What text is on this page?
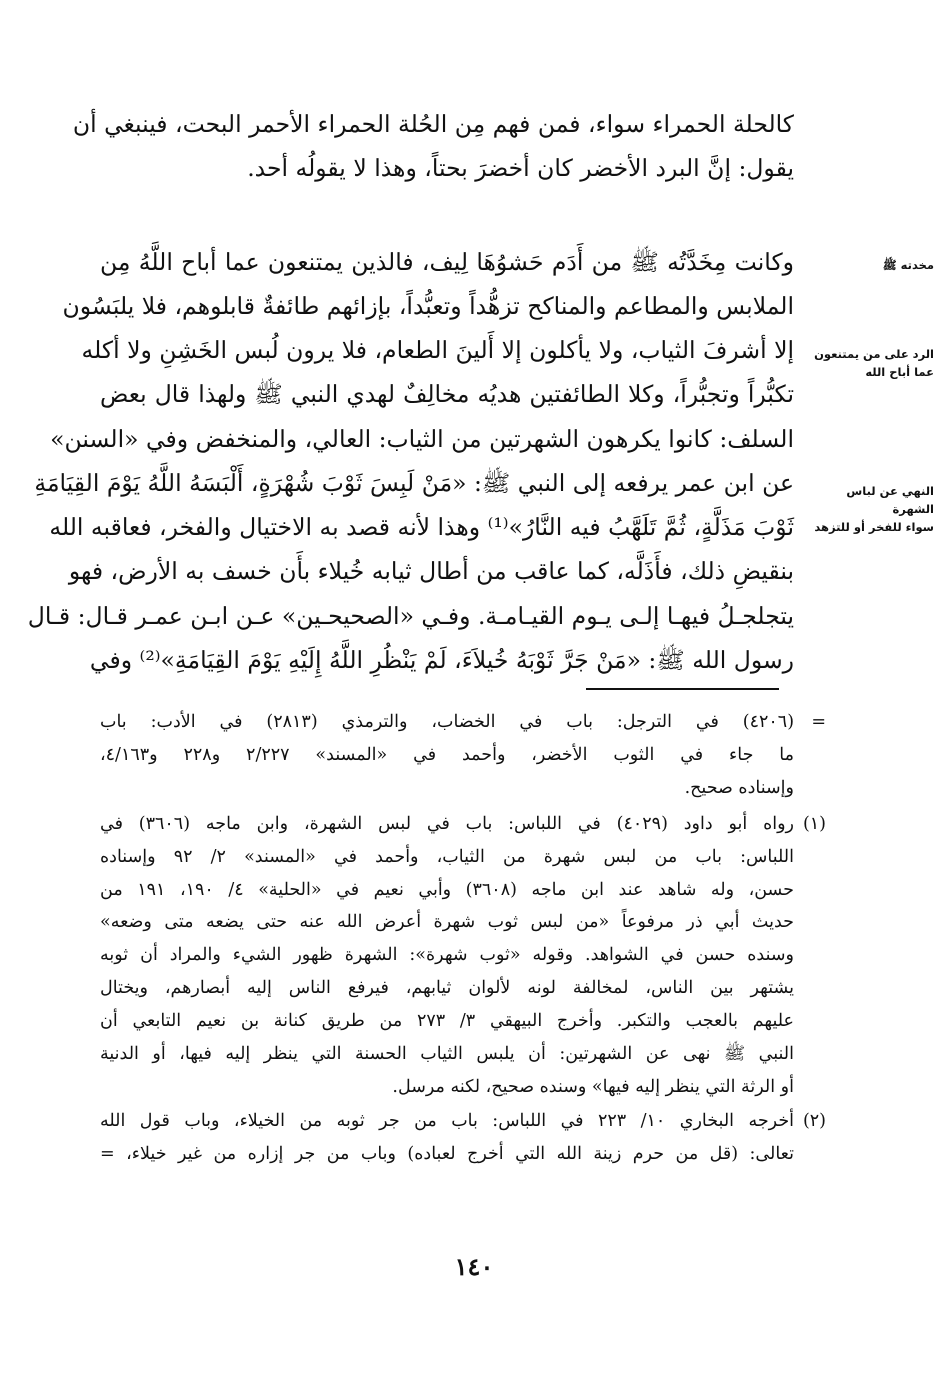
كالحلة الحمراء سواء، فمن فهم مِن الحُلة الحمراء الأحمر البحت، فينبغي أن
يقول: إنَّ البرد الأخضر كان أخضرَ بحتاً، وهذا لا يقولُه أحد.
وكانت مِخَدَّتُه ﷺ من أَدَم حَشوُهَا لِيف، فالذين يمتنعون عما أباح اللَّهُ مِن
الملابس والمطاعم والمناكح تزهُّداً وتعبُّداً، بإزائهم طائفةٌ قابلوهم، فلا يلبَسُون
إلا أشرفَ الثياب، ولا يأكلون إلا أَلينَ الطعام، فلا يرون لُبس الخَشِنِ ولا أكله
تكبُّراً وتجبُّراً، وكلا الطائفتين هديُه مخالِفٌ لهدي النبي ﷺ ولهذا قال بعض
السلف: كانوا يكرهون الشهرتين من الثياب: العالي، والمنخفض وفي «السنن»
عن ابن عمر يرفعه إلى النبي ﷺ: «مَنْ لَبِسَ ثَوْبَ شُهْرَةٍ، أَلْبَسَهُ اللَّهُ يَوْمَ القِيَامَةِ
ثَوْبَ مَذَلَّةٍ، ثُمَّ تَلَهَّبُ فيه النَّارُ»⁽¹⁾ وهذا لأنه قصد به الاختيال والفخر، فعاقبه الله
بنقيضِ ذلك، فأَذَلَّه، كما عاقب من أطال ثيابه خُيلاء بأَن خسف به الأرض، فهو
يتجلجـلُ فيهـا إلـى يـوم القيـامـة. وفـي «الصحيحـين» عـن ابـن عمـر قـال: قـال
رسول الله ﷺ: «مَنْ جَرَّ ثَوْبَهُ خُيلاَءَ، لَمْ يَنْظُرِ اللَّهُ إِلَيْهِ يَوْمَ القِيَامَةِ»⁽²⁾ وفي
مخدته ﷺ
الرد على من يمتنعون
عما أباح الله
النهي عن لباس الشهرة
سواء للفخر أو للتزهد
=
(٤٢٠٦) في الترجل: باب في الخضاب، والترمذي (٢٨١٣) في الأدب: باب
ما جاء في الثوب الأخضر، وأحمد في «المسند» ٢/٢٢٧ و٢٢٨ و٤/١٦٣،
وإسناده صحيح.
(١)
رواه أبو داود (٤٠٢٩) في اللباس: باب في لبس الشهرة، وابن ماجه (٣٦٠٦) في
اللباس: باب من لبس شهرة من الثياب، وأحمد في «المسند» ٢/ ٩٢ وإسناده
حسن، وله شاهد عند ابن ماجه (٣٦٠٨) وأبي نعيم في «الحلية» ٤/ ١٩٠، ١٩١ من
حديث أبي ذر مرفوعاً «من لبس ثوب شهرة أعرض الله عنه حتى يضعه متى وضعه»
وسنده حسن في الشواهد. وقوله «ثوب شهرة»: الشهرة ظهور الشيء والمراد أن ثوبه
يشتهر بين الناس، لمخالفة لونه لألوان ثيابهم، فيرفع الناس إليه أبصارهم، ويختال
عليهم بالعجب والتكبر. وأخرج البيهقي ٣/ ٢٧٣ من طريق كنانة بن نعيم التابعي أن
النبي ﷺ نهى عن الشهرتين: أن يلبس الثياب الحسنة التي ينظر إليه فيها، أو الدنية
أو الرثة التي ينظر إليه فيها» وسنده صحيح، لكنه مرسل.
(٢)
أخرجه البخاري ١٠/ ٢٢٣ في اللباس: باب من جر ثوبه من الخيلاء، وباب قول الله
تعالى: (قل من حرم زينة الله التي أخرج لعباده) وباب من جر إزاره من غير خيلاء، =
١٤٠
